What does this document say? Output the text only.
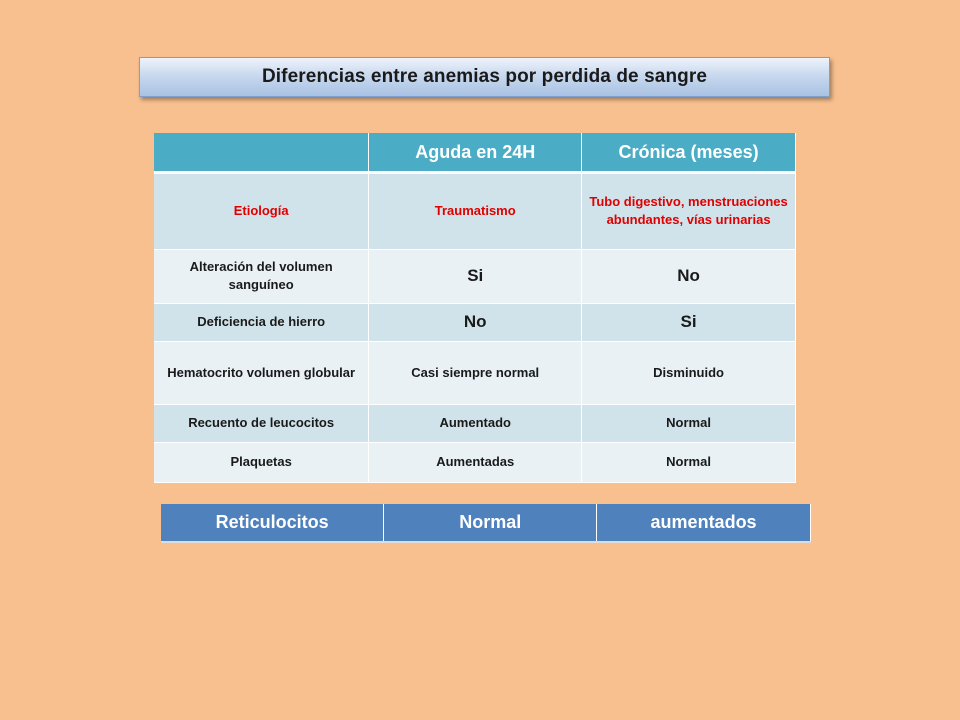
Diferencias entre anemias por perdida de sangre
	Aguda en 24H	Crónica (meses)
Etiología	Traumatismo	Tubo digestivo, menstruaciones abundantes, vías urinarias
Alteración del volumen sanguíneo	Si	No
Deficiencia de hierro	No	Si
Hematocrito volumen globular	Casi siempre normal	Disminuido
Recuento de leucocitos	Aumentado	Normal
Plaquetas	Aumentadas	Normal
Reticulocitos	Normal	aumentados
